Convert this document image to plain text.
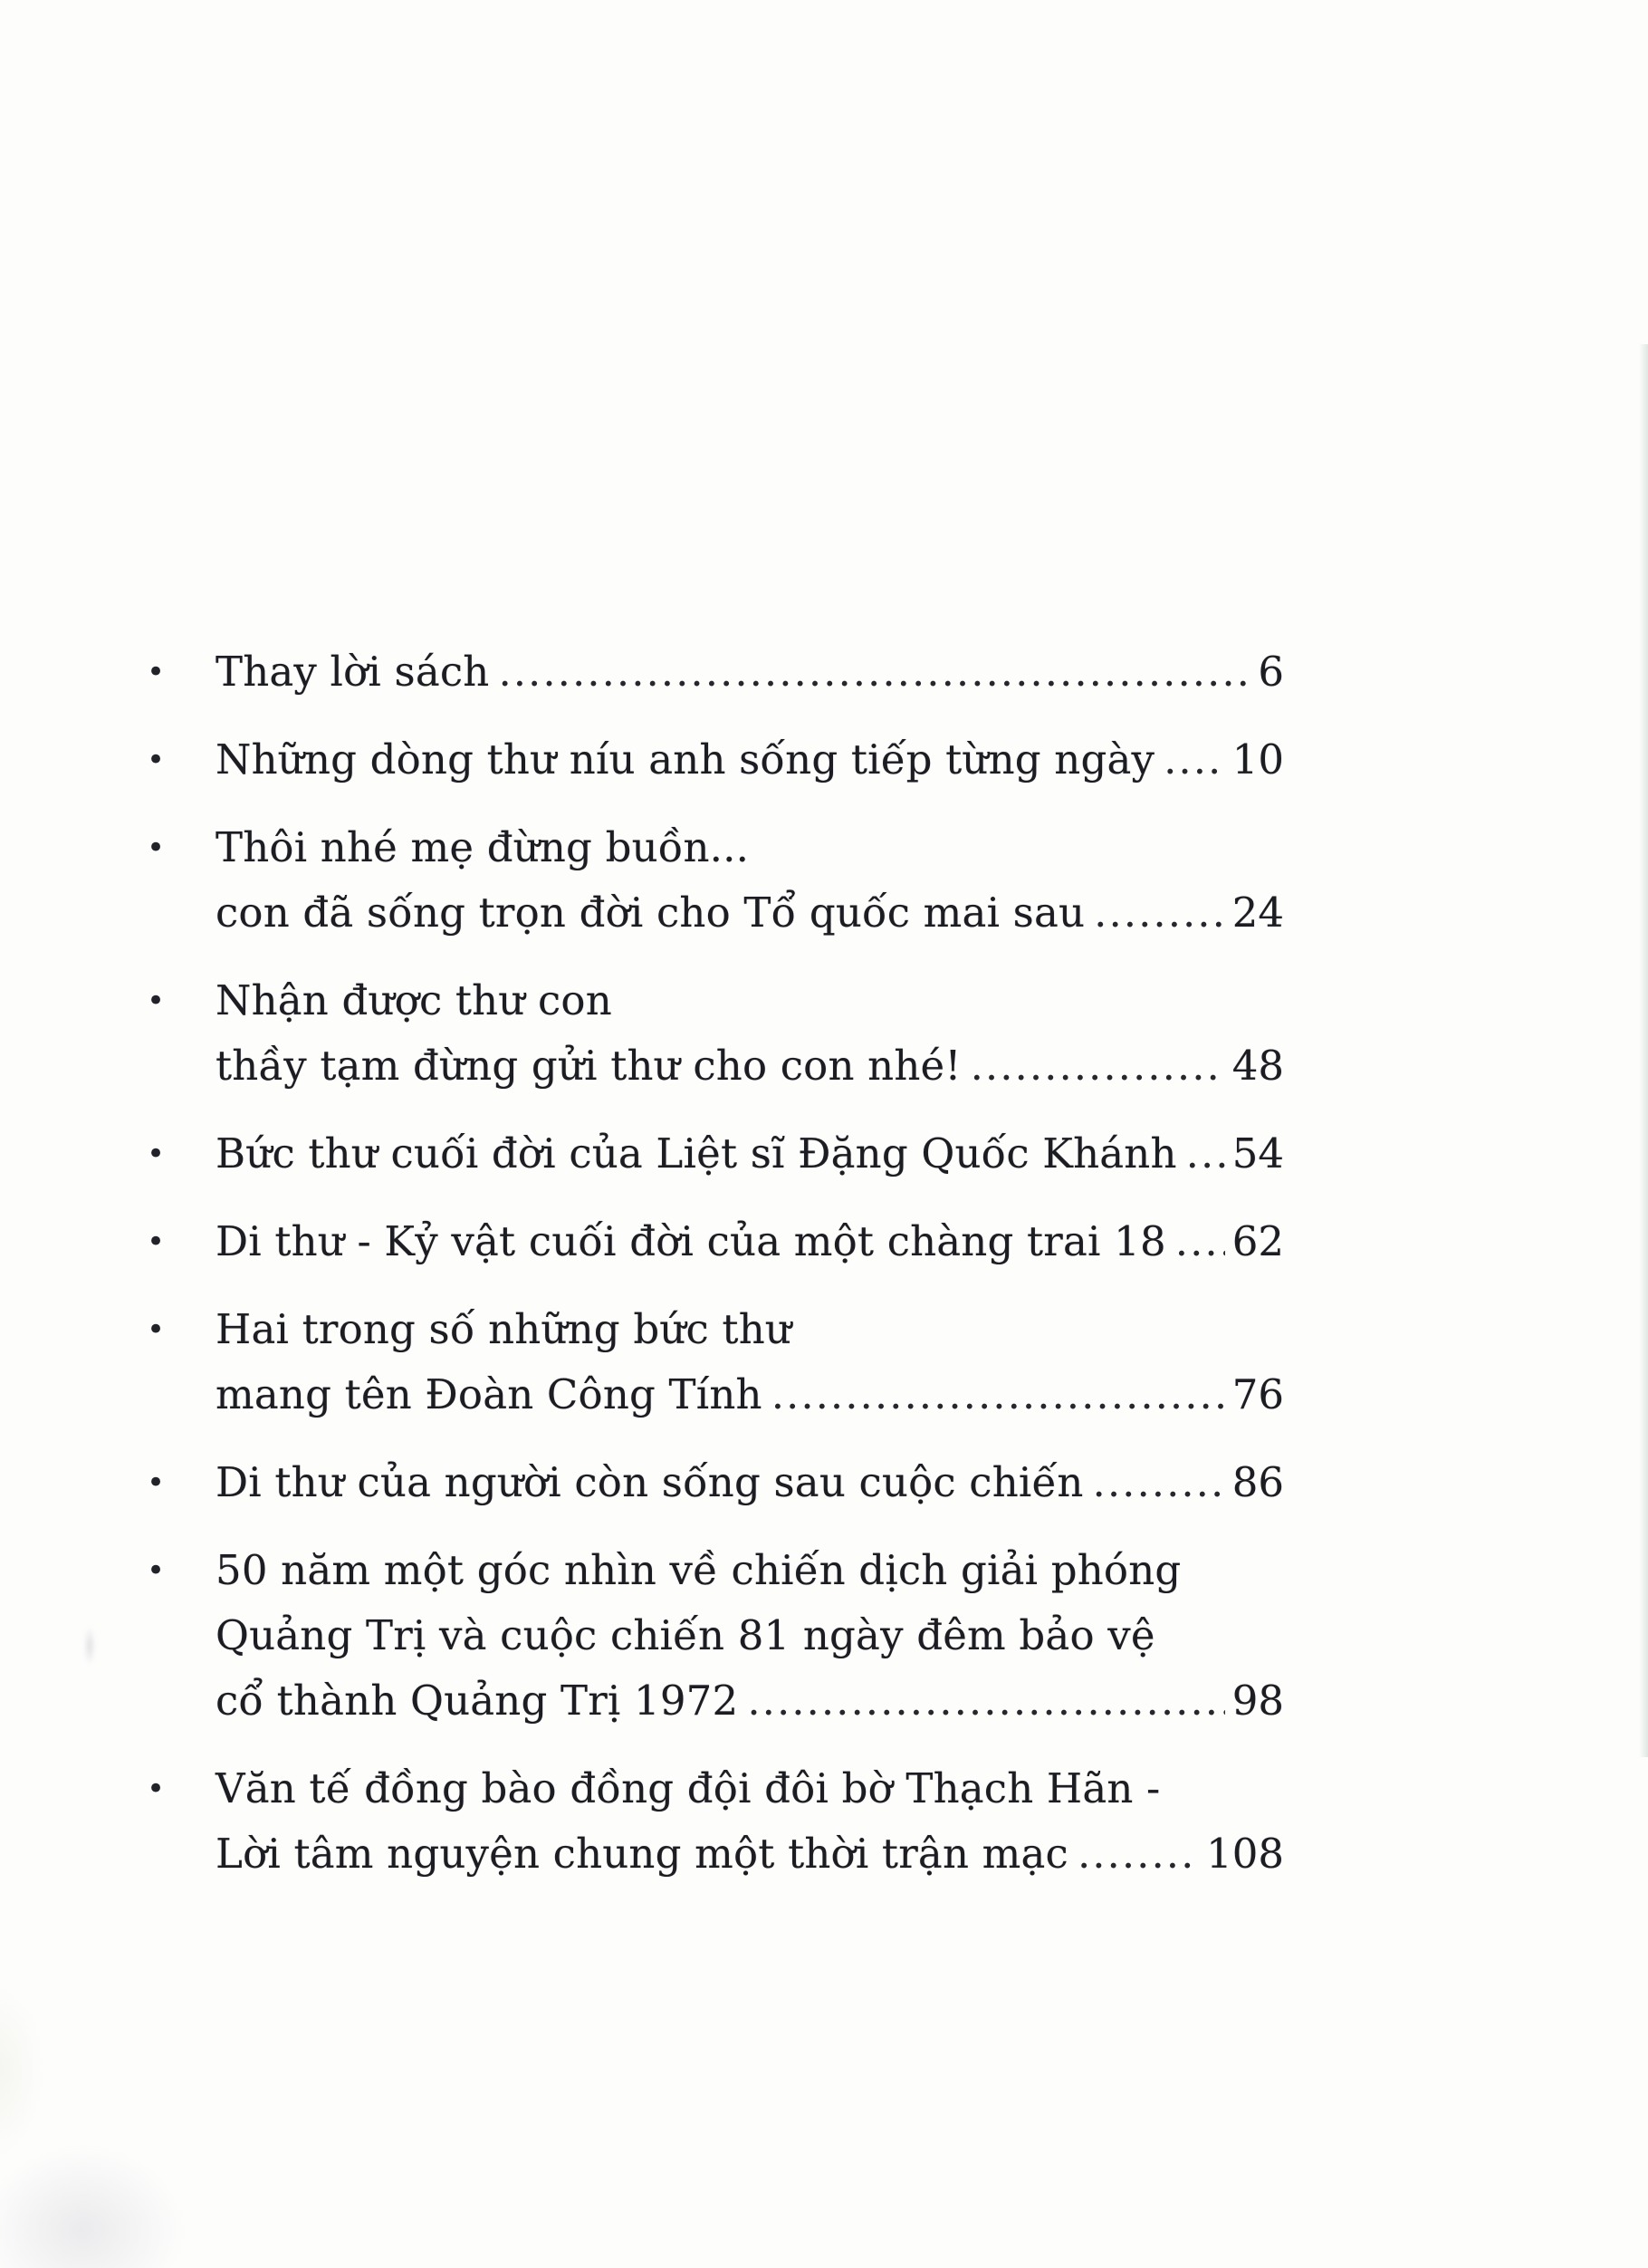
•	Thay lời sách .....	6
•	Những dòng thư níu anh sống tiếp từng ngày ..... 10
•	Thôi nhé mẹ đừng buồn...
con đã sống trọn đời cho Tổ quốc mai sau .....	24
•	Nhận được thư con
thầy tạm đừng gửi thư cho con nhé! .....	48
•	Bức thư cuối đời của Liệt sĩ Đặng Quốc Khánh ..... 54
•	Di thư - Kỷ vật cuối đời của một chàng trai 18 ..... 62
•	Hai trong số những bức thư
mang tên Đoàn Công Tính .....	76
•	Di thư của người còn sống sau cuộc chiến .....	86
•	50 năm một góc nhìn về chiến dịch giải phóng
Quảng Trị và cuộc chiến 81 ngày đêm bảo vệ
cổ thành Quảng Trị 1972 .....	98
•	Văn tế đồng bào đồng đội đôi bờ Thạch Hãn -
Lời tâm nguyện chung một thời trận mạc .....	108
